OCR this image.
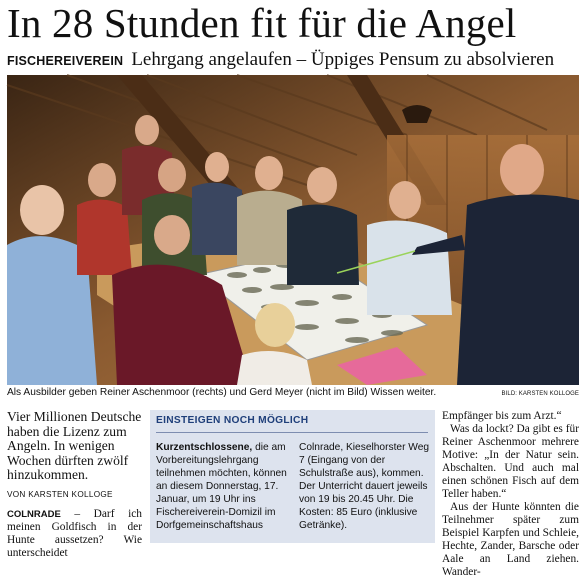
In 28 Stunden fit für die Angel
FISCHEREIVEREIN Lehrgang angelaufen – Üppiges Pensum zu absolvieren
Als Ausbilder geben Reiner Aschenmoor (rechts) und Gerd Meyer (nicht im Bild) Wissen weiter.	BILD: KARSTEN KOLLOGE

Vier Millionen Deutsche haben die Lizenz zum Angeln. In wenigen Wochen dürften zwölf hinzukommen.

VON KARSTEN KOLLOGE
COLNRADE – Darf ich meinen Goldfisch in der Hunte aussetzen? Wie unterscheidet
EINSTEIGEN NOCH MÖGLICH
Kurzentschlossene, die am Vorbereitungslehrgang teilnehmen möchten, können an diesem Donnerstag, 17. Januar, um 19 Uhr ins Fischereiverein-Domizil im Dorfgemeinschaftshaus
Colnrade, Kieselhorster Weg 7 (Eingang von der Schulstraße aus), kommen. Der Unterricht dauert jeweils von 19 bis 20.45 Uhr. Die Kosten: 85 Euro (inklusive Getränke).

Empfänger bis zum Arzt.“

Was da lockt? Da gibt es für Reiner Aschenmoor mehrere Motive: „In der Natur sein. Abschalten. Und auch mal einen schönen Fisch auf dem Teller haben.“

Aus der Hunte könnten die Teilnehmer später zum Beispiel Karpfen und Schleie, Hechte, Zander, Barsche oder Aale an Land ziehen. Wander-
